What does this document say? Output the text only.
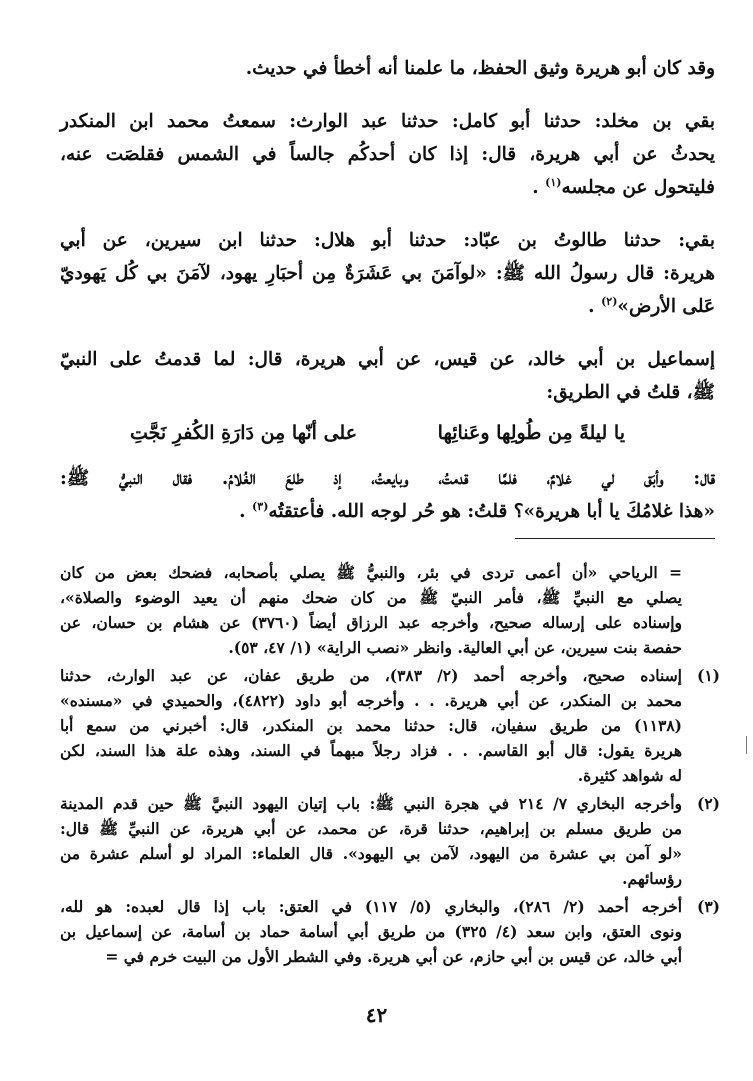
وقد كان أبو هريرة وثيق الحفظ، ما علمنا أنه أخطأ في حديث.

بقي بن مخلد: حدثنا أبو كامل: حدثنا عبد الوارث: سمعتُ محمد ابن المنكدر
يحدثُ عن أبي هريرة، قال: إذا كان أحدكُم جالساً في الشمس فقلصَت عنه،
فليتحول عن مجلسه$^{(١)}$ .

بقي: حدثنا طالوتُ بن عبّاد: حدثنا أبو هلال: حدثنا ابن سيرين، عن أبي
هريرة: قال رسولُ الله ﷺ: «لوآمَنَ بي عَشَرَةٌ مِن أحبَارِ يهود، لآمَنَ بي كُل يَهوديّ
عَلى الأرض»$^{(٢)}$ .

إسماعيل بن أبي خالد، عن قيس، عن أبي هريرة، قال: لما قدمتُ على النبيّ
ﷺ، قلتُ في الطريق:

يا ليلةً مِن طُولِها وعَنائِها
على أنّها مِن دَارَةِ الكُفرِ نَجَّتِ

قال: وأبَق لي غلامٌ، فلمَّا قدمتُ، وبايعتُ، إذ طلعَ الغُلامُ. فقال النبيُّ ﷺ:
«هذا غلامُكَ يا أبا هريرة»؟ قلتُ: هو حُر لوجه الله. فأعتقتُه$^{(٣)}$ .

= الرياحي «أن أعمى تردى في بئر، والنبيُّ ﷺ يصلي بأصحابه، فضحك بعض من كان
يصلي مع النبيِّ ﷺ، فأمر النبيّ ﷺ من كان ضحك منهم أن يعيد الوضوء والصلاة»،
وإسناده على إرساله صحيح، وأخرجه عبد الرزاق أيضاً (٣٧٦٠) عن هشام بن حسان، عن
حفصة بنت سيرين، عن أبي العالية. وانظر «نصب الراية» (١/ ٤٧، ٥٣).
(١)
إسناده صحيح، وأخرجه أحمد (٢/ ٣٨٣)، من طريق عفان، عن عبد الوارث، حدثنا
محمد بن المنكدر، عن أبي هريرة. . . وأخرجه أبو داود (٤٨٢٢)، والحميدي في «مسنده»
(١١٣٨) من طريق سفيان، قال: حدثنا محمد بن المنكدر، قال: أخبرني من سمع أبا
هريرة يقول: قال أبو القاسم. . . فزاد رجلاً مبهماً في السند، وهذه علة هذا السند، لكن
له شواهد كثيرة.
(٢)
وأخرجه البخاري ٧/ ٢١٤ في هجرة النبي ﷺ: باب إتيان اليهود النبيَّ ﷺ حين قدم المدينة
من طريق مسلم بن إبراهيم، حدثنا قرة، عن محمد، عن أبي هريرة، عن النبيِّ ﷺ قال:
«لو آمن بي عشرة من اليهود، لآمن بي اليهود». قال العلماء: المراد لو أسلم عشرة من
رؤسائهم.
(٣)
أخرجه أحمد (٢/ ٢٨٦)، والبخاري (٥/ ١١٧) في العتق: باب إذا قال لعبده: هو لله،
ونوى العتق، وابن سعد (٤/ ٣٢٥) من طريق أبي أسامة حماد بن أسامة، عن إسماعيل بن
أبي خالد، عن قيس بن أبي حازم، عن أبي هريرة. وفي الشطر الأول من البيت خرم في =
٤٢
